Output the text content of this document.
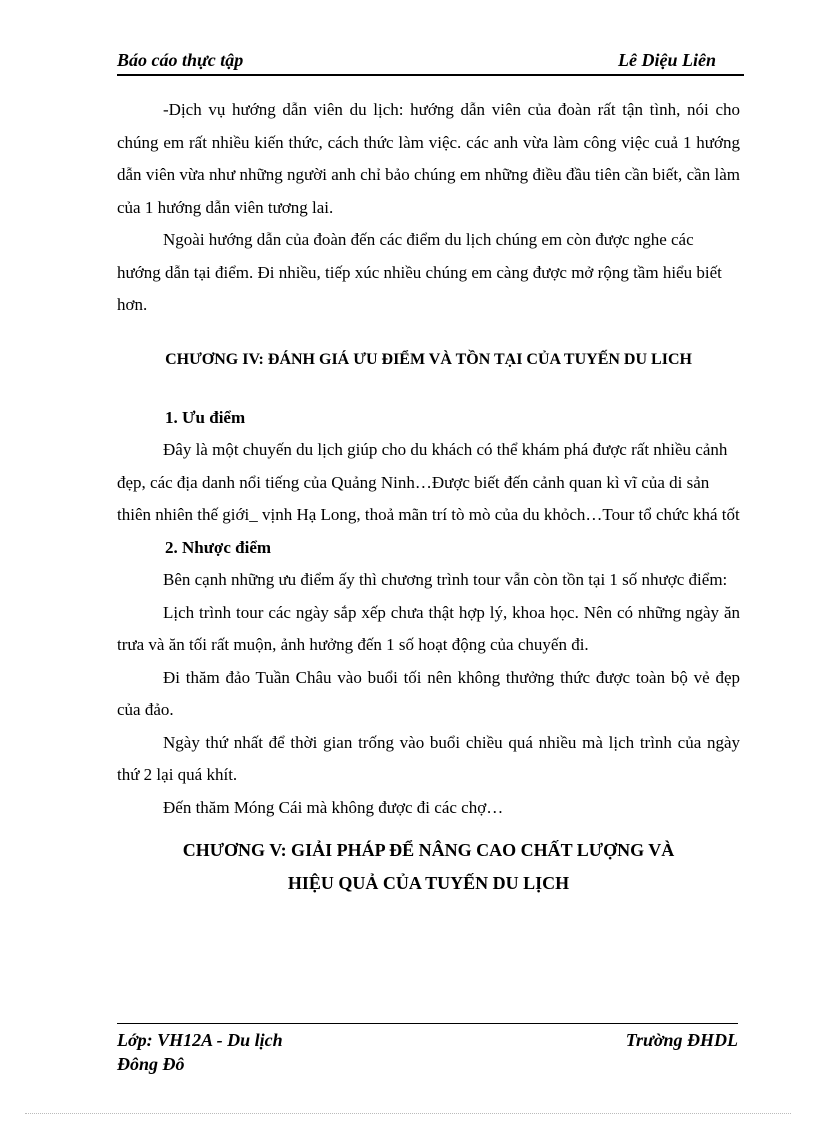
Báo cáo thực tập	Lê Diệu Liên

-Dịch vụ hướng dẫn viên du lịch: hướng dẫn viên của đoàn rất tận tình, nói cho chúng em rất nhiều kiến thức, cách thức làm việc. các anh vừa làm công việc cuả 1 hướng dẫn viên vừa như những người anh chỉ bảo chúng em những điều đầu tiên cần biết, cần làm của 1 hướng dẫn viên tương lai.

Ngoài hướng dẫn của đoàn đến các điểm du lịch chúng em còn được nghe các hướng dẫn tại điểm. Đi nhiều, tiếp xúc nhiều chúng em càng được mở rộng tầm hiểu biết hơn.

CHƯƠNG IV: ĐÁNH GIÁ ƯU ĐIỂM VÀ TỒN TẠI CỦA TUYẾN DU LICH
1. Ưu điểm

Đây là một chuyến du lịch giúp cho du khách có thể khám phá được rất nhiều cảnh đẹp, các địa danh nổi tiếng của Quảng Ninh…Được biết đến cảnh quan kì vĩ của di sản thiên nhiên thế giới_ vịnh Hạ Long, thoả mãn trí tò mò của du khỏch…Tour tổ chức khá tốt

2. Nhược điểm

Bên cạnh những ưu điểm ấy thì chương trình tour vẫn còn tồn tại 1 số nhược điểm:

Lịch trình tour các ngày sắp xếp chưa thật hợp lý, khoa học. Nên có những ngày ăn trưa và ăn tối rất muộn, ảnh hưởng đến 1 số hoạt động của chuyến đi.

Đi thăm đảo Tuần Châu vào buổi tối nên không thưởng thức được toàn bộ vẻ đẹp của đảo.

Ngày thứ nhất để thời gian trống vào buổi chiều quá nhiều mà lịch trình của ngày thứ 2 lại quá khít.

Đến thăm Móng Cái mà không được đi các chợ…

CHƯƠNG V: GIẢI PHÁP ĐỂ NÂNG CAO CHẤT LƯỢNG VÀ
HIỆU QUẢ CỦA TUYẾN DU LỊCH
Lớp: VH12A - Du lịch
Đông Đô
Trường ĐHDL
